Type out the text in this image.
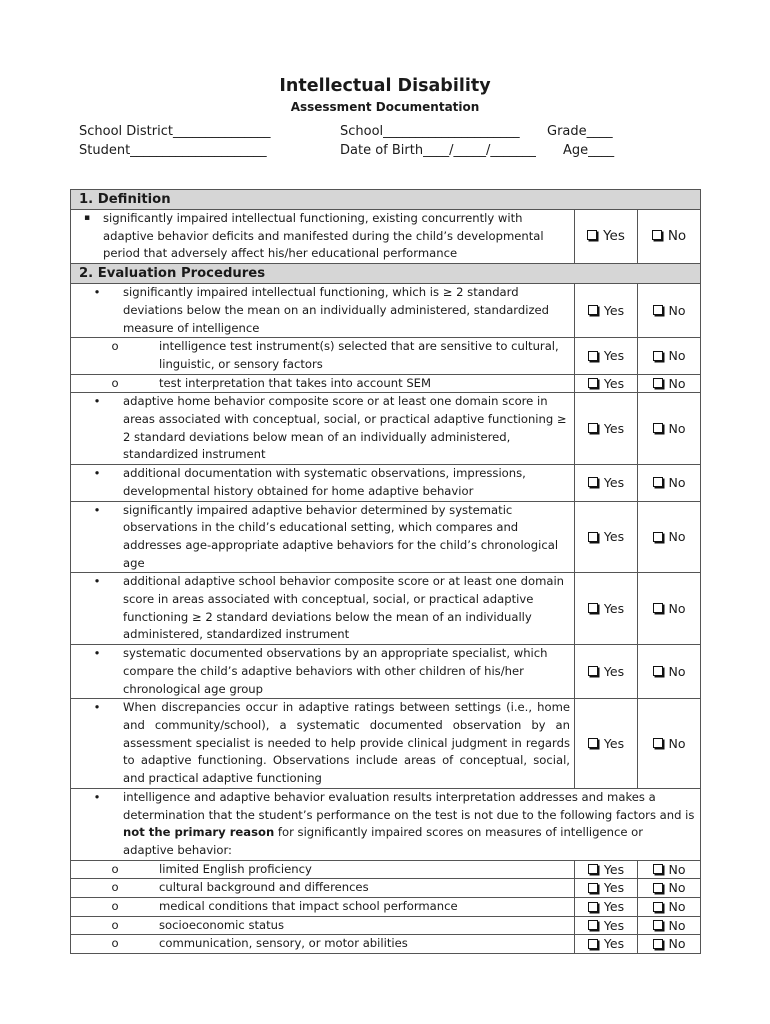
Intellectual Disability
Assessment Documentation
School District_______________	School_____________________ Grade____
Student_____________________	Date of Birth____/_____/_______ Age____
1. Definition		

▪ significantly impaired intellectual functioning, existing concurrently with adaptive behavior deficits and manifested during the child’s developmental period that adversely affect his/her educational performance	Yes	No
2. Evaluation Procedures		

• significantly impaired intellectual functioning, which is ≥ 2 standard deviations below the mean on an individually administered, standardized measure of intelligence	Yes	No

o intelligence test instrument(s) selected that are sensitive to cultural, linguistic, or sensory factors	Yes	No

o test interpretation that takes into account SEM	Yes	No

• adaptive home behavior composite score or at least one domain score in areas associated with conceptual, social, or practical adaptive functioning ≥ 2 standard deviations below mean of an individually administered, standardized instrument	Yes	No

• additional documentation with systematic observations, impressions, developmental history obtained for home adaptive behavior	Yes	No

• significantly impaired adaptive behavior determined by systematic observations in the child’s educational setting, which compares and addresses age-appropriate adaptive behaviors for the child’s chronological age	Yes	No

• additional adaptive school behavior composite score or at least one domain score in areas associated with conceptual, social, or practical adaptive functioning ≥ 2 standard deviations below the mean of an individually administered, standardized instrument	Yes	No

• systematic documented observations by an appropriate specialist, which compare the child’s adaptive behaviors with other children of his/her chronological age group	Yes	No

• When discrepancies occur in adaptive ratings between settings (i.e., home and community/school), a systematic documented observation by an assessment specialist is needed to help provide clinical judgment in regards to adaptive functioning. Observations include areas of conceptual, social, and practical adaptive functioning	Yes	No

• intelligence and adaptive behavior evaluation results interpretation addresses and makes a determination that the student’s performance on the test is not due to the following factors and is not the primary reason for significantly impaired scores on measures of intelligence or adaptive behavior:		

o limited English proficiency	Yes	No

o cultural background and differences	Yes	No

o medical conditions that impact school performance	Yes	No

o socioeconomic status	Yes	No

o communication, sensory, or motor abilities	Yes	No
